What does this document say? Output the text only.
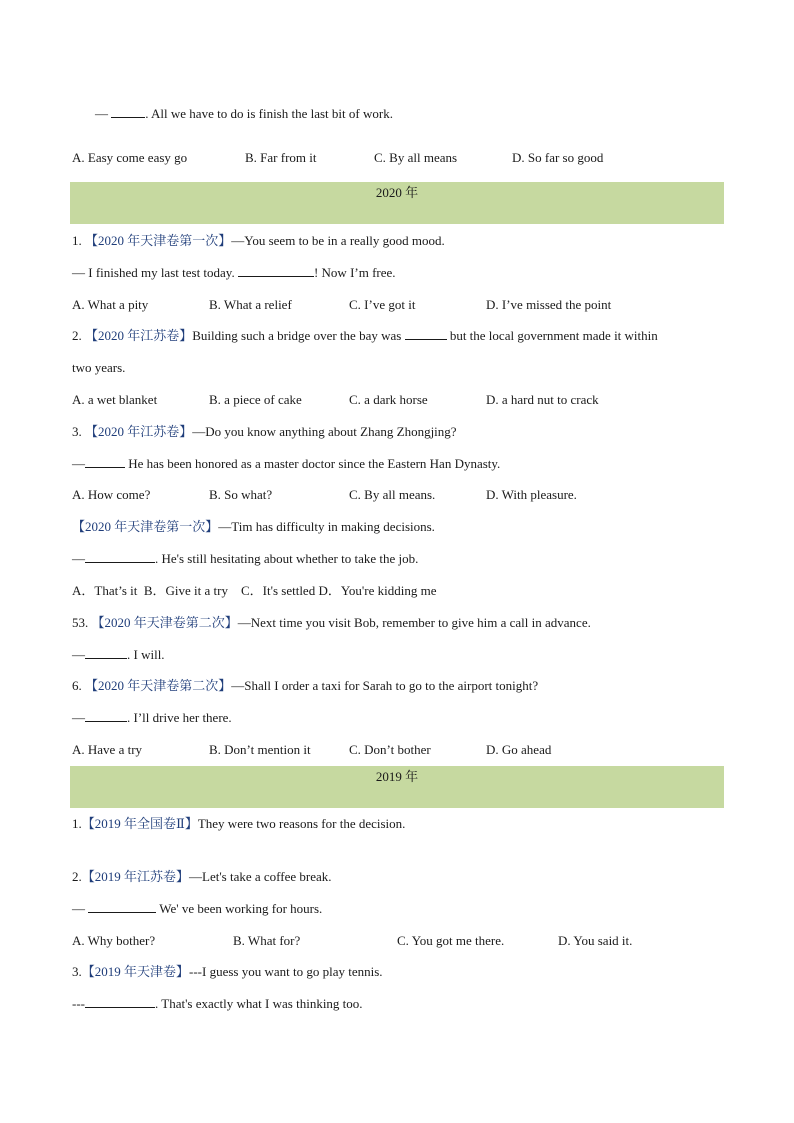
—	. All we have to do is finish the last bit of work.
A. Easy come easy go	B. Far from it	C. By all means	D. So far so good
2020 年
1. 【2020 年天津卷第一次】—You seem to be in a really good mood.
— I finished my last test today.	! Now I’m free.
A. What a pity	B. What a relief	C. I’ve got it	D. I’ve missed the point
2. 【2020 年江苏卷】Building such a bridge over the bay was	but the local government made it within
two years.
A. a wet blanket	B. a piece of cake	C. a dark horse	D. a hard nut to crack
3. 【2020 年江苏卷】—Do you know anything about Zhang Zhongjing?
—	He has been honored as a master doctor since the Eastern Han Dynasty.
A. How come?	B. So what?	C. By all means.	D. With pleasure.
【2020 年天津卷第一次】—Tim has difficulty in making decisions.
—	. He's still hesitating about whether to take the job.
A．That’s it B．Give it a try C．It's settled D．You're kidding me
53. 【2020 年天津卷第二次】—Next time you visit Bob, remember to give him a call in advance.
—	. I will.
6. 【2020 年天津卷第二次】—Shall I order a taxi for Sarah to go to the airport tonight?
—	. I’ll drive her there.
A. Have a try	B. Don’t mention it	C. Don’t bother	D. Go ahead
2019 年
1.【2019 年全国卷Ⅱ】They were two reasons for the decision.
2.【2019 年江苏卷】—Let's take a coffee break.
—	We' ve been working for hours.
A. Why bother?	B. What for?	C. You got me there.	D. You said it.
3.【2019 年天津卷】---I guess you want to go play tennis.
---	. That's exactly what I was thinking too.
